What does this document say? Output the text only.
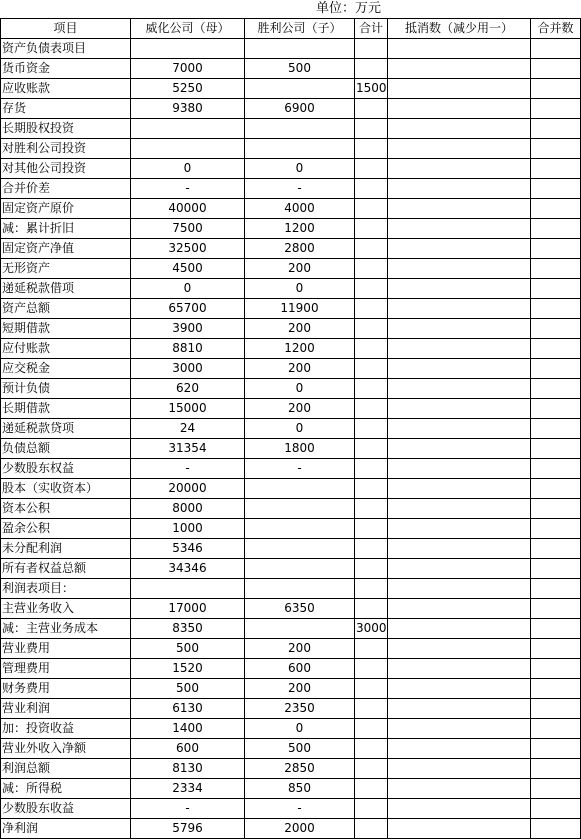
单位：万元
项目	威化公司（母）	胜利公司（子）	合计	抵消数（减少用一）	合并数
资产负债表项目					
货币资金	7000	500			
应收账款	5250		1500		
存货	9380	6900			
长期股权投资					
对胜利公司投资					
对其他公司投资	0	0			
合并价差	-	-			
固定资产原价	40000	4000			
减：累计折旧	7500	1200			
固定资产净值	32500	2800			
无形资产	4500	200			
递延税款借项	0	0			
资产总额	65700	11900			
短期借款	3900	200			
应付账款	8810	1200			
应交税金	3000	200			
预计负债	620	0			
长期借款	15000	200			
递延税款贷项	24	0			
负债总额	31354	1800			
少数股东权益	-	-			
股本（实收资本）	20000				
资本公积	8000				
盈余公积	1000				
未分配利润	5346				
所有者权益总额	34346				
利润表项目：					
主营业务收入	17000	6350			
减：主营业务成本	8350		3000		
营业费用	500	200			
管理费用	1520	600			
财务费用	500	200			
营业利润	6130	2350			
加：投资收益	1400	0			
营业外收入净额	600	500			
利润总额	8130	2850			
减：所得税	2334	850			
少数股东收益	-	-			
净利润	5796	2000			
